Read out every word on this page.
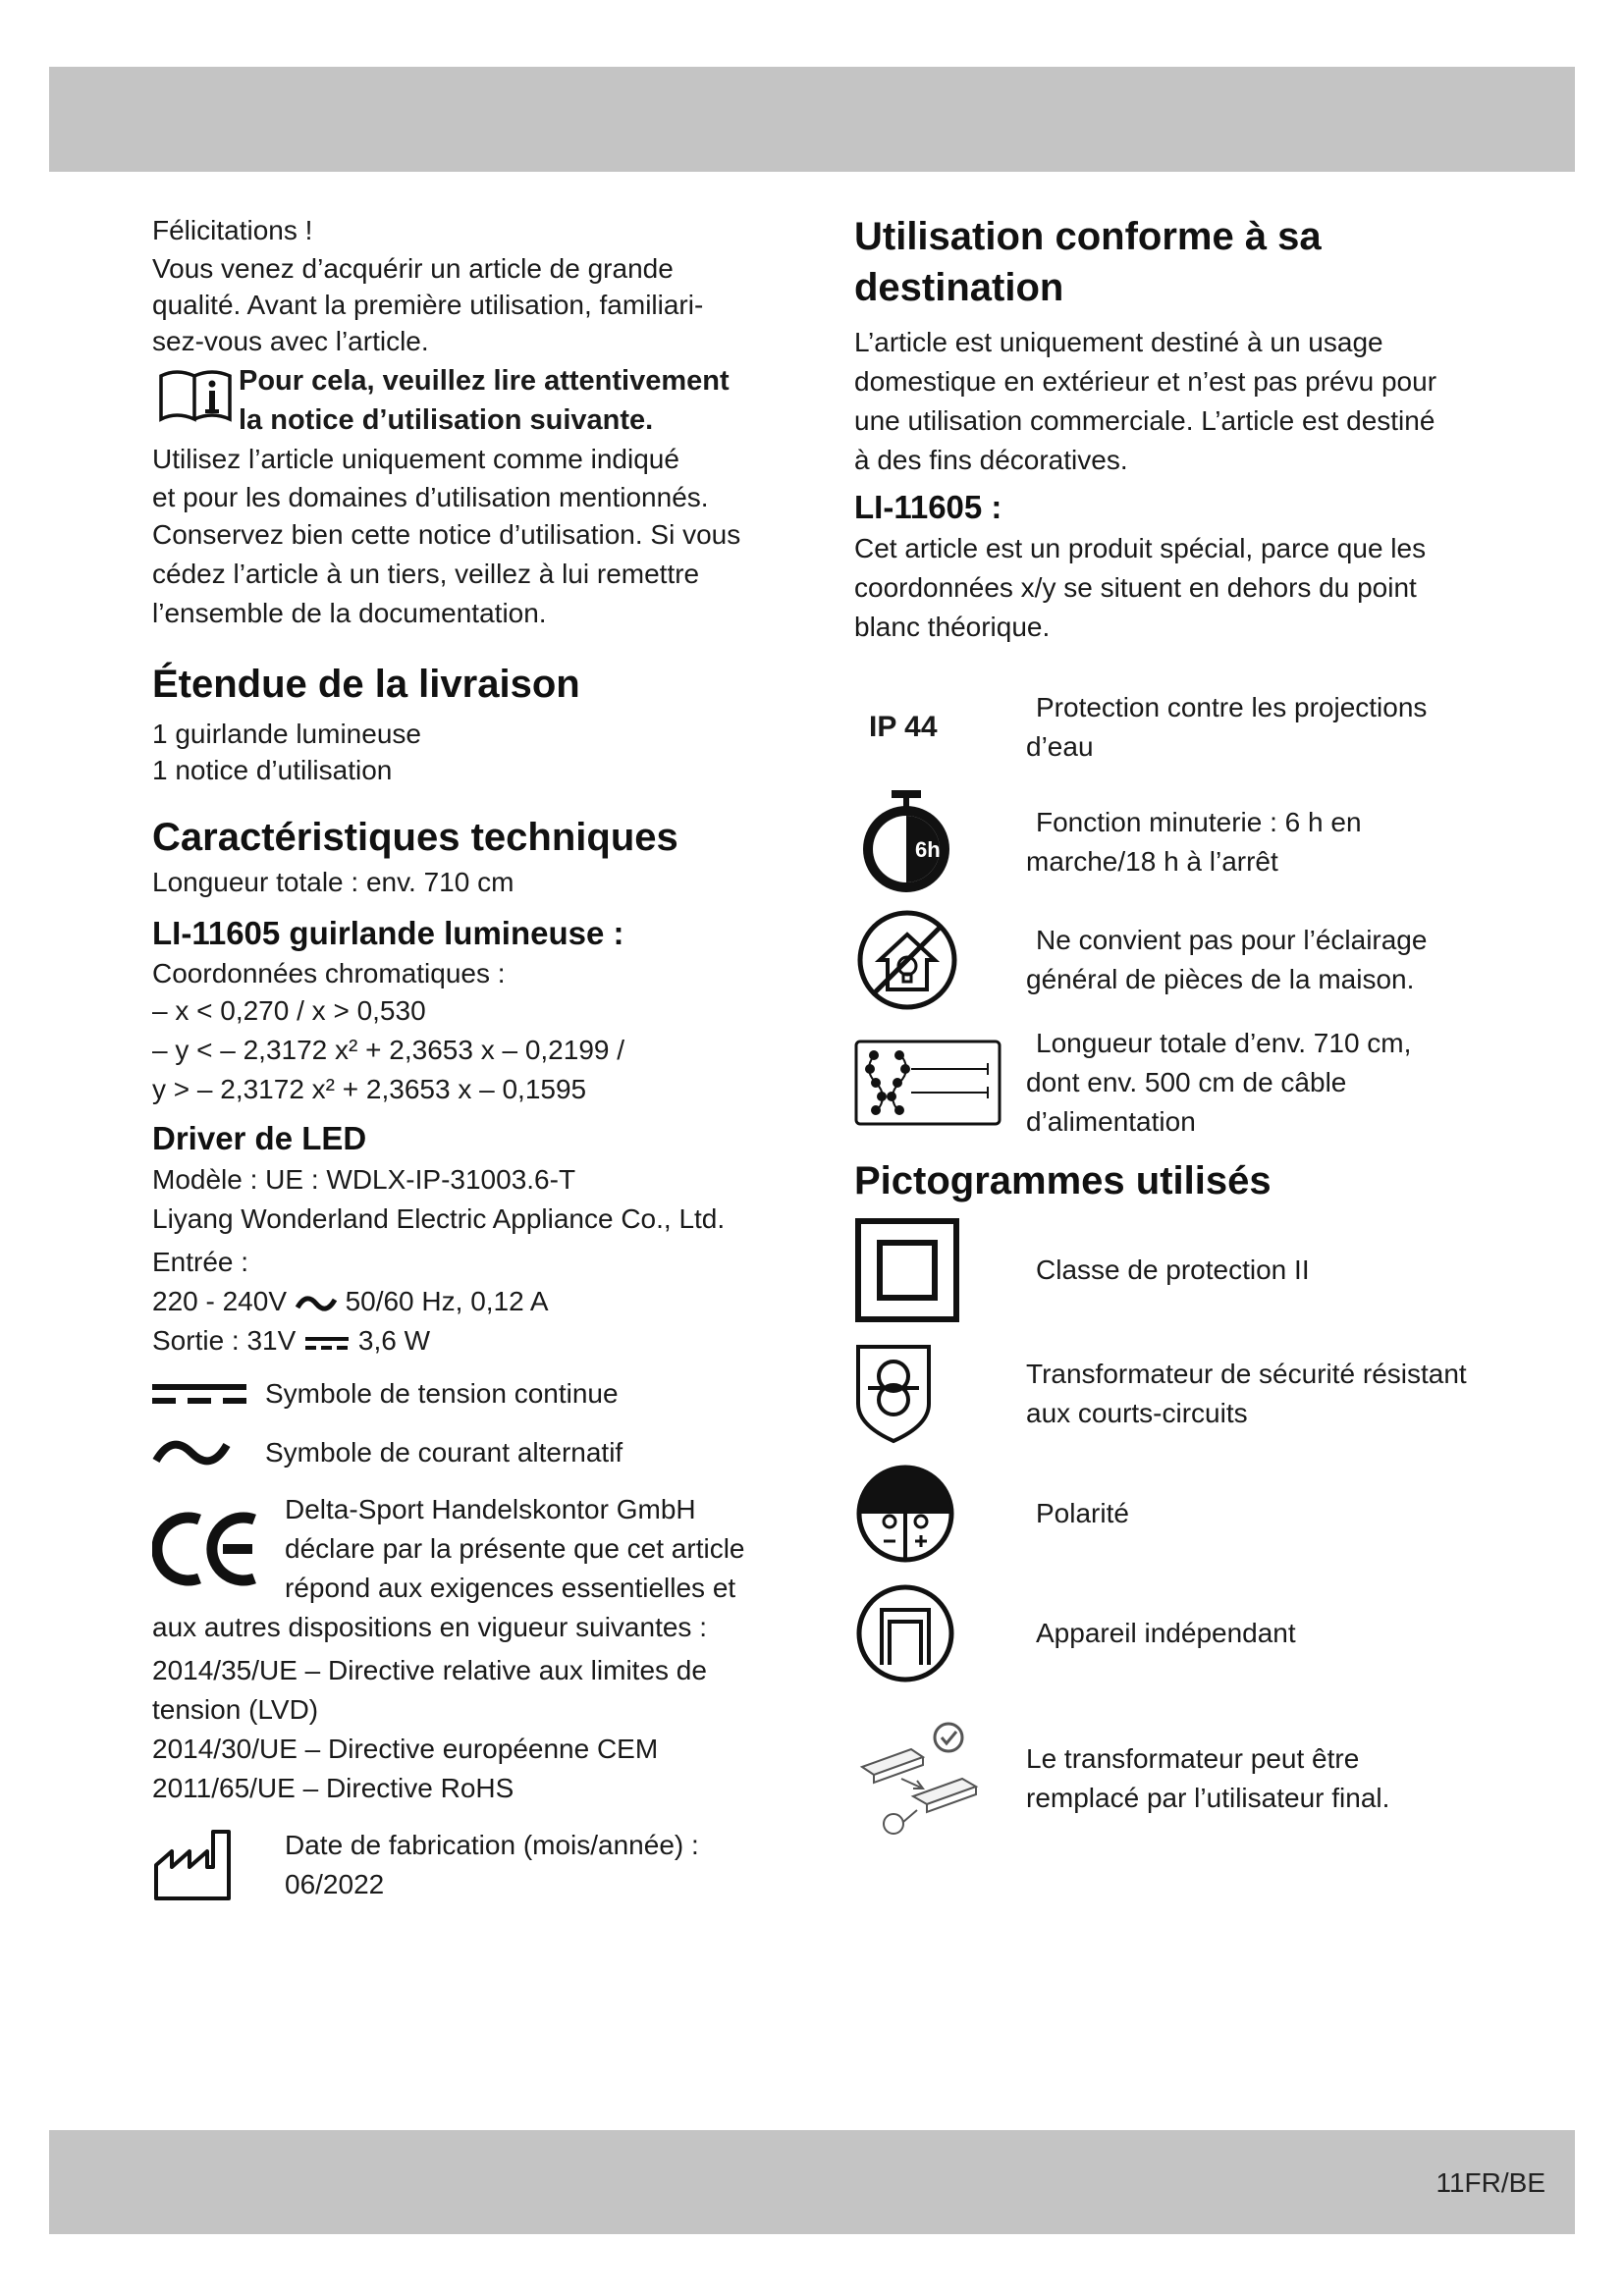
Félicitations !

Vous venez d’acquérir un article de grande

qualité. Avant la première utilisation, familiari-

sez-vous avec l’article.

Pour cela, veuillez lire attentivement

la notice d’utilisation suivante.

Utilisez l’article uniquement comme indiqué

et pour les domaines d’utilisation mentionnés.

Conservez bien cette notice d’utilisation. Si vous

cédez l’article à un tiers, veillez à lui remettre

l’ensemble de la documentation.

Étendue de la livraison

1 guirlande lumineuse

1 notice d’utilisation

Caractéristiques techniques

Longueur totale : env. 710 cm

LI-11605 guirlande lumineuse :

Coordonnées chromatiques :

– x < 0,270 / x > 0,530

– y < – 2,3172 x² + 2,3653 x – 0,2199 /

y > – 2,3172 x² + 2,3653 x – 0,1595

Driver de LED

Modèle : UE : WDLX-IP-31003.6-T

Liyang Wonderland Electric Appliance Co., Ltd.

Entrée :

220 - 240V 50/60 Hz, 0,12 A

Sortie : 31V 3,6 W

Symbole de tension continue

Symbole de courant alternatif

Delta-Sport Handelskontor GmbH

déclare par la présente que cet article

répond aux exigences essentielles et

aux autres dispositions en vigueur suivantes :

2014/35/UE – Directive relative aux limites de

tension (LVD)

2014/30/UE – Directive européenne CEM

2011/65/UE – Directive RoHS

Date de fabrication (mois/année) :

06/2022

Utilisation conforme à sa
destination

L’article est uniquement destiné à un usage

domestique en extérieur et n’est pas prévu pour

une utilisation commerciale. L’article est destiné

à des fins décoratives.

LI-11605 :

Cet article est un produit spécial, parce que les

coordonnées x/y se situent en dehors du point

blanc théorique.

IP 44
Protection contre les projections
d’eau
6h
Fonction minuterie : 6 h en
marche/18 h à l’arrêt
Ne convient pas pour l’éclairage
général de pièces de la maison.
Longueur totale d’env. 710 cm,
dont env. 500 cm de câble
d’alimentation
Pictogrammes utilisés
Classe de protection II
Transformateur de sécurité résistant
aux courts-circuits
Polarité
Appareil indépendant
Le transformateur peut être
remplacé par l’utilisateur final.
11FR/BE
